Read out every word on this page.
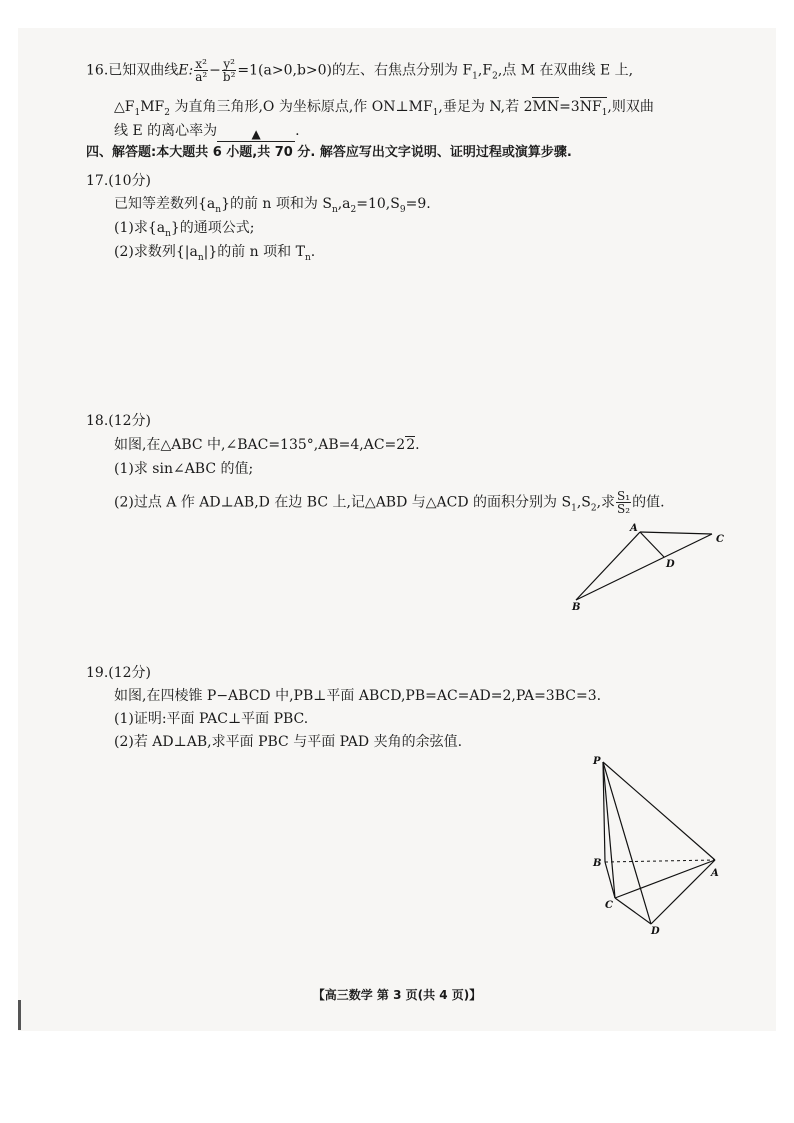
16.已知双曲线E: $\frac{\text{x²}}{\text{a²}} - \frac{\text{y²}}{\text{b²}} =1(a>0,b>0)$的左、右焦点分别为 $F_1,F_2$,点 M 在双曲线 E 上,
$\triangle F_1MF_2$ 为直角三角形,O 为坐标原点,作 $ON\perp MF_1$,垂足为 N,若 $2MN=3NF_1$,则双曲
线 E 的离心率为	▲ .
四、解答题:本大题共 6 小题,共 70 分. 解答应写出文字说明、证明过程或演算步骤.
17.(10分)
已知等差数列$\{a_n\}$的前 n 项和为 $S_n,a_2=10,S_9=9$.
(1)求$\{a_n\}$的通项公式;
(2)求数列$\{|a_n|\}$的前 n 项和 $T_n$.
18.(12分)
如图,在△ABC 中,∠BAC=135°,AB=4,AC=22.
(1)求 sin∠ABC 的值;
(2)过点 A 作 AD⊥AB,D 在边 BC 上,记△ABD 与△ACD 的面积分别为 $S_1,S_2$,求 $\frac{\text{S₁}}{\text{S₂}}$ 的值.
A
C
D
B
19.(12分)
如图,在四棱锥 P−ABCD 中,PB⊥平面 ABCD,PB=AC=AD=2,PA=3BC=3.
(1)证明:平面 PAC⊥平面 PBC.
(2)若 AD⊥AB,求平面 PBC 与平面 PAD 夹角的余弦值.
P
B
A
C
D
【高三数学 第 3 页(共 4 页)】
